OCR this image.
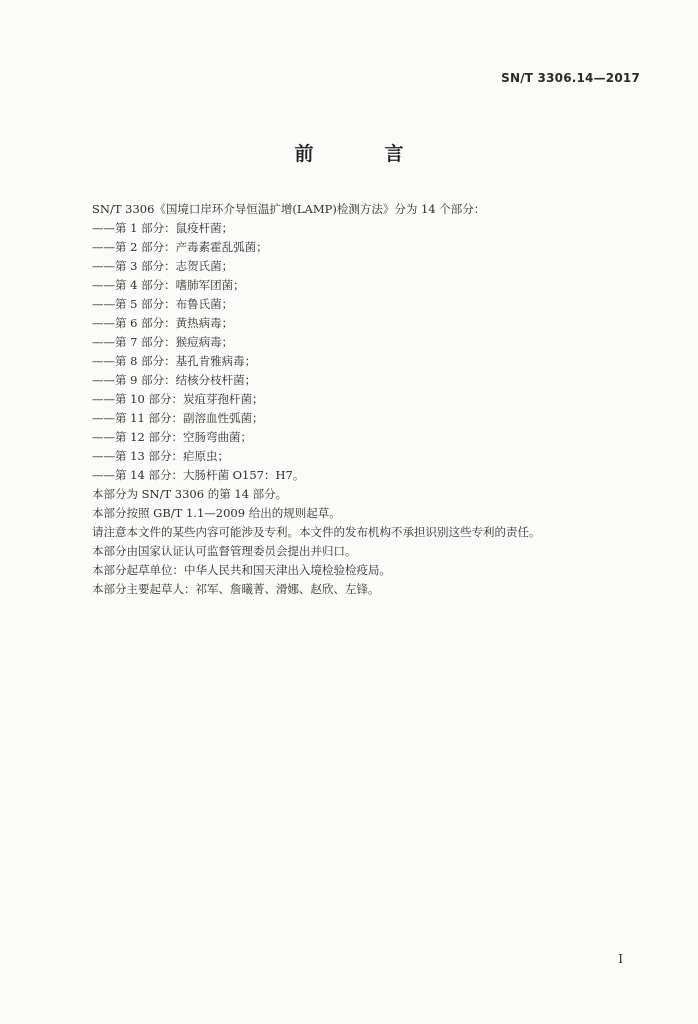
SN/T 3306.14—2017
前　言
SN/T 3306《国境口岸环介导恒温扩增(LAMP)检测方法》分为 14 个部分：
——第 1 部分：鼠疫杆菌；
——第 2 部分：产毒素霍乱弧菌；
——第 3 部分：志贺氏菌；
——第 4 部分：嗜肺军团菌；
——第 5 部分：布鲁氏菌；
——第 6 部分：黄热病毒；
——第 7 部分：猴痘病毒；
——第 8 部分：基孔肯雅病毒；
——第 9 部分：结核分枝杆菌；
——第 10 部分：炭疽芽孢杆菌；
——第 11 部分：副溶血性弧菌；
——第 12 部分：空肠弯曲菌；
——第 13 部分：疟原虫；
——第 14 部分：大肠杆菌 O157：H7。
本部分为 SN/T 3306 的第 14 部分。
本部分按照 GB/T 1.1—2009 给出的规则起草。
请注意本文件的某些内容可能涉及专利。本文件的发布机构不承担识别这些专利的责任。
本部分由国家认证认可监督管理委员会提出并归口。
本部分起草单位：中华人民共和国天津出入境检验检疫局。
本部分主要起草人：祁军、詹曦菁、滑娜、赵欣、左锋。
I
